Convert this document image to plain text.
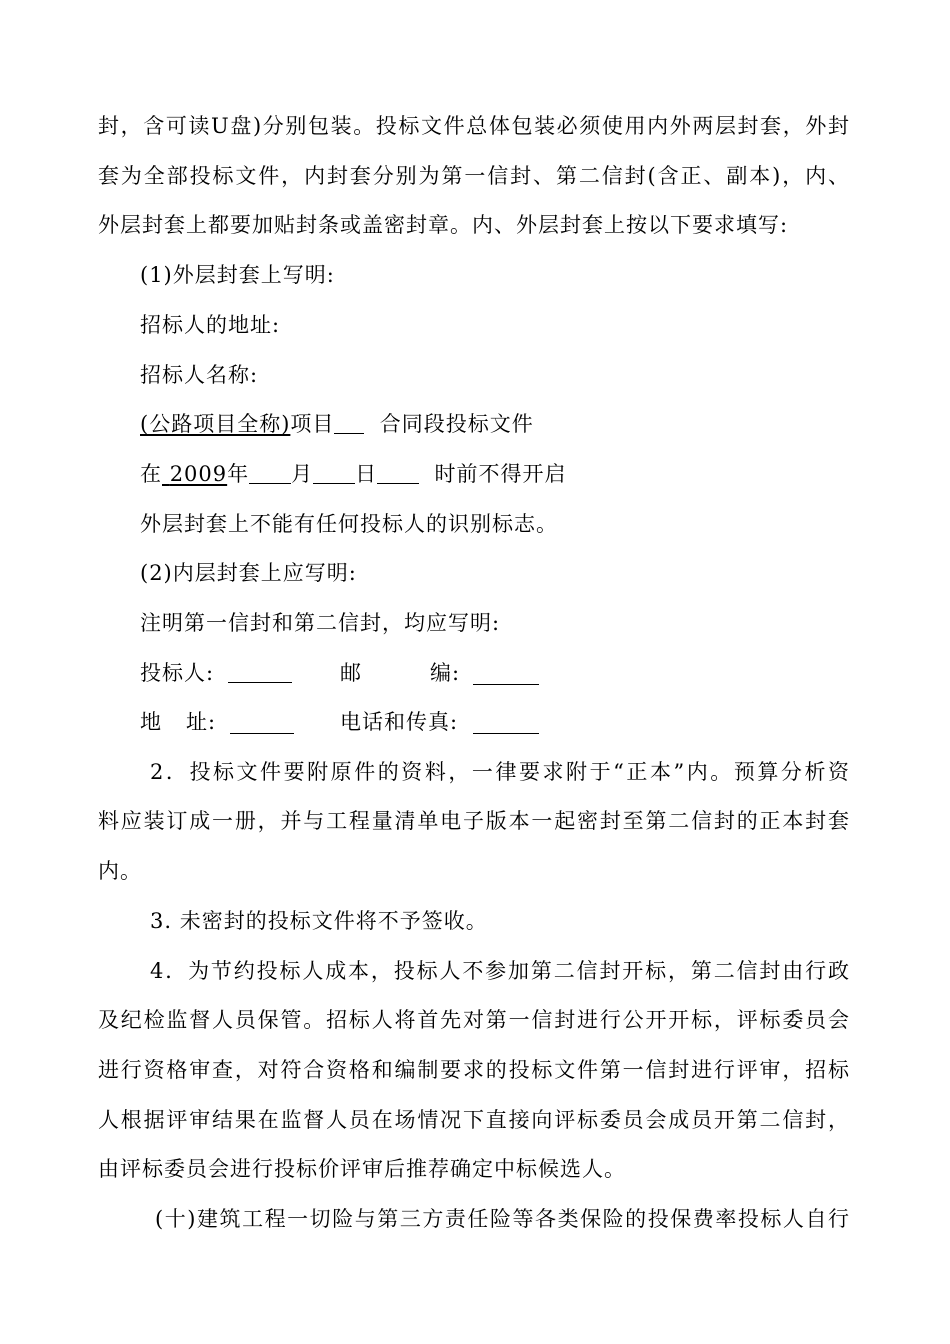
封，含可读U盘)分别包装。投标文件总体包装必须使用内外两层封套，外封
套为全部投标文件，内封套分别为第一信封、第二信封(含正、副本)，内、
外层封套上都要加贴封条或盖密封章。内、外层封套上按以下要求填写:
(1)外层封套上写明:
招标人的地址:
招标人名称:
(公路项目全称)项目 合同段投标文件
在 2009年 月 日	时前不得开启
外层封套上不能有任何投标人的识别标志。
(2)内层封套上应写明:
注明第一信封和第二信封，均应写明:
投标人:	邮	编:
地 址:	电话和传真:
2．投标文件要附原件的资料，一律要求附于“正本”内。预算分析资
料应装订成一册，并与工程量清单电子版本一起密封至第二信封的正本封套
内。
3. 未密封的投标文件将不予签收。
4．为节约投标人成本，投标人不参加第二信封开标，第二信封由行政
及纪检监督人员保管。招标人将首先对第一信封进行公开开标，评标委员会
进行资格审查，对符合资格和编制要求的投标文件第一信封进行评审，招标
人根据评审结果在监督人员在场情况下直接向评标委员会成员开第二信封，
由评标委员会进行投标价评审后推荐确定中标候选人。
(十)建筑工程一切险与第三方责任险等各类保险的投保费率投标人自行
